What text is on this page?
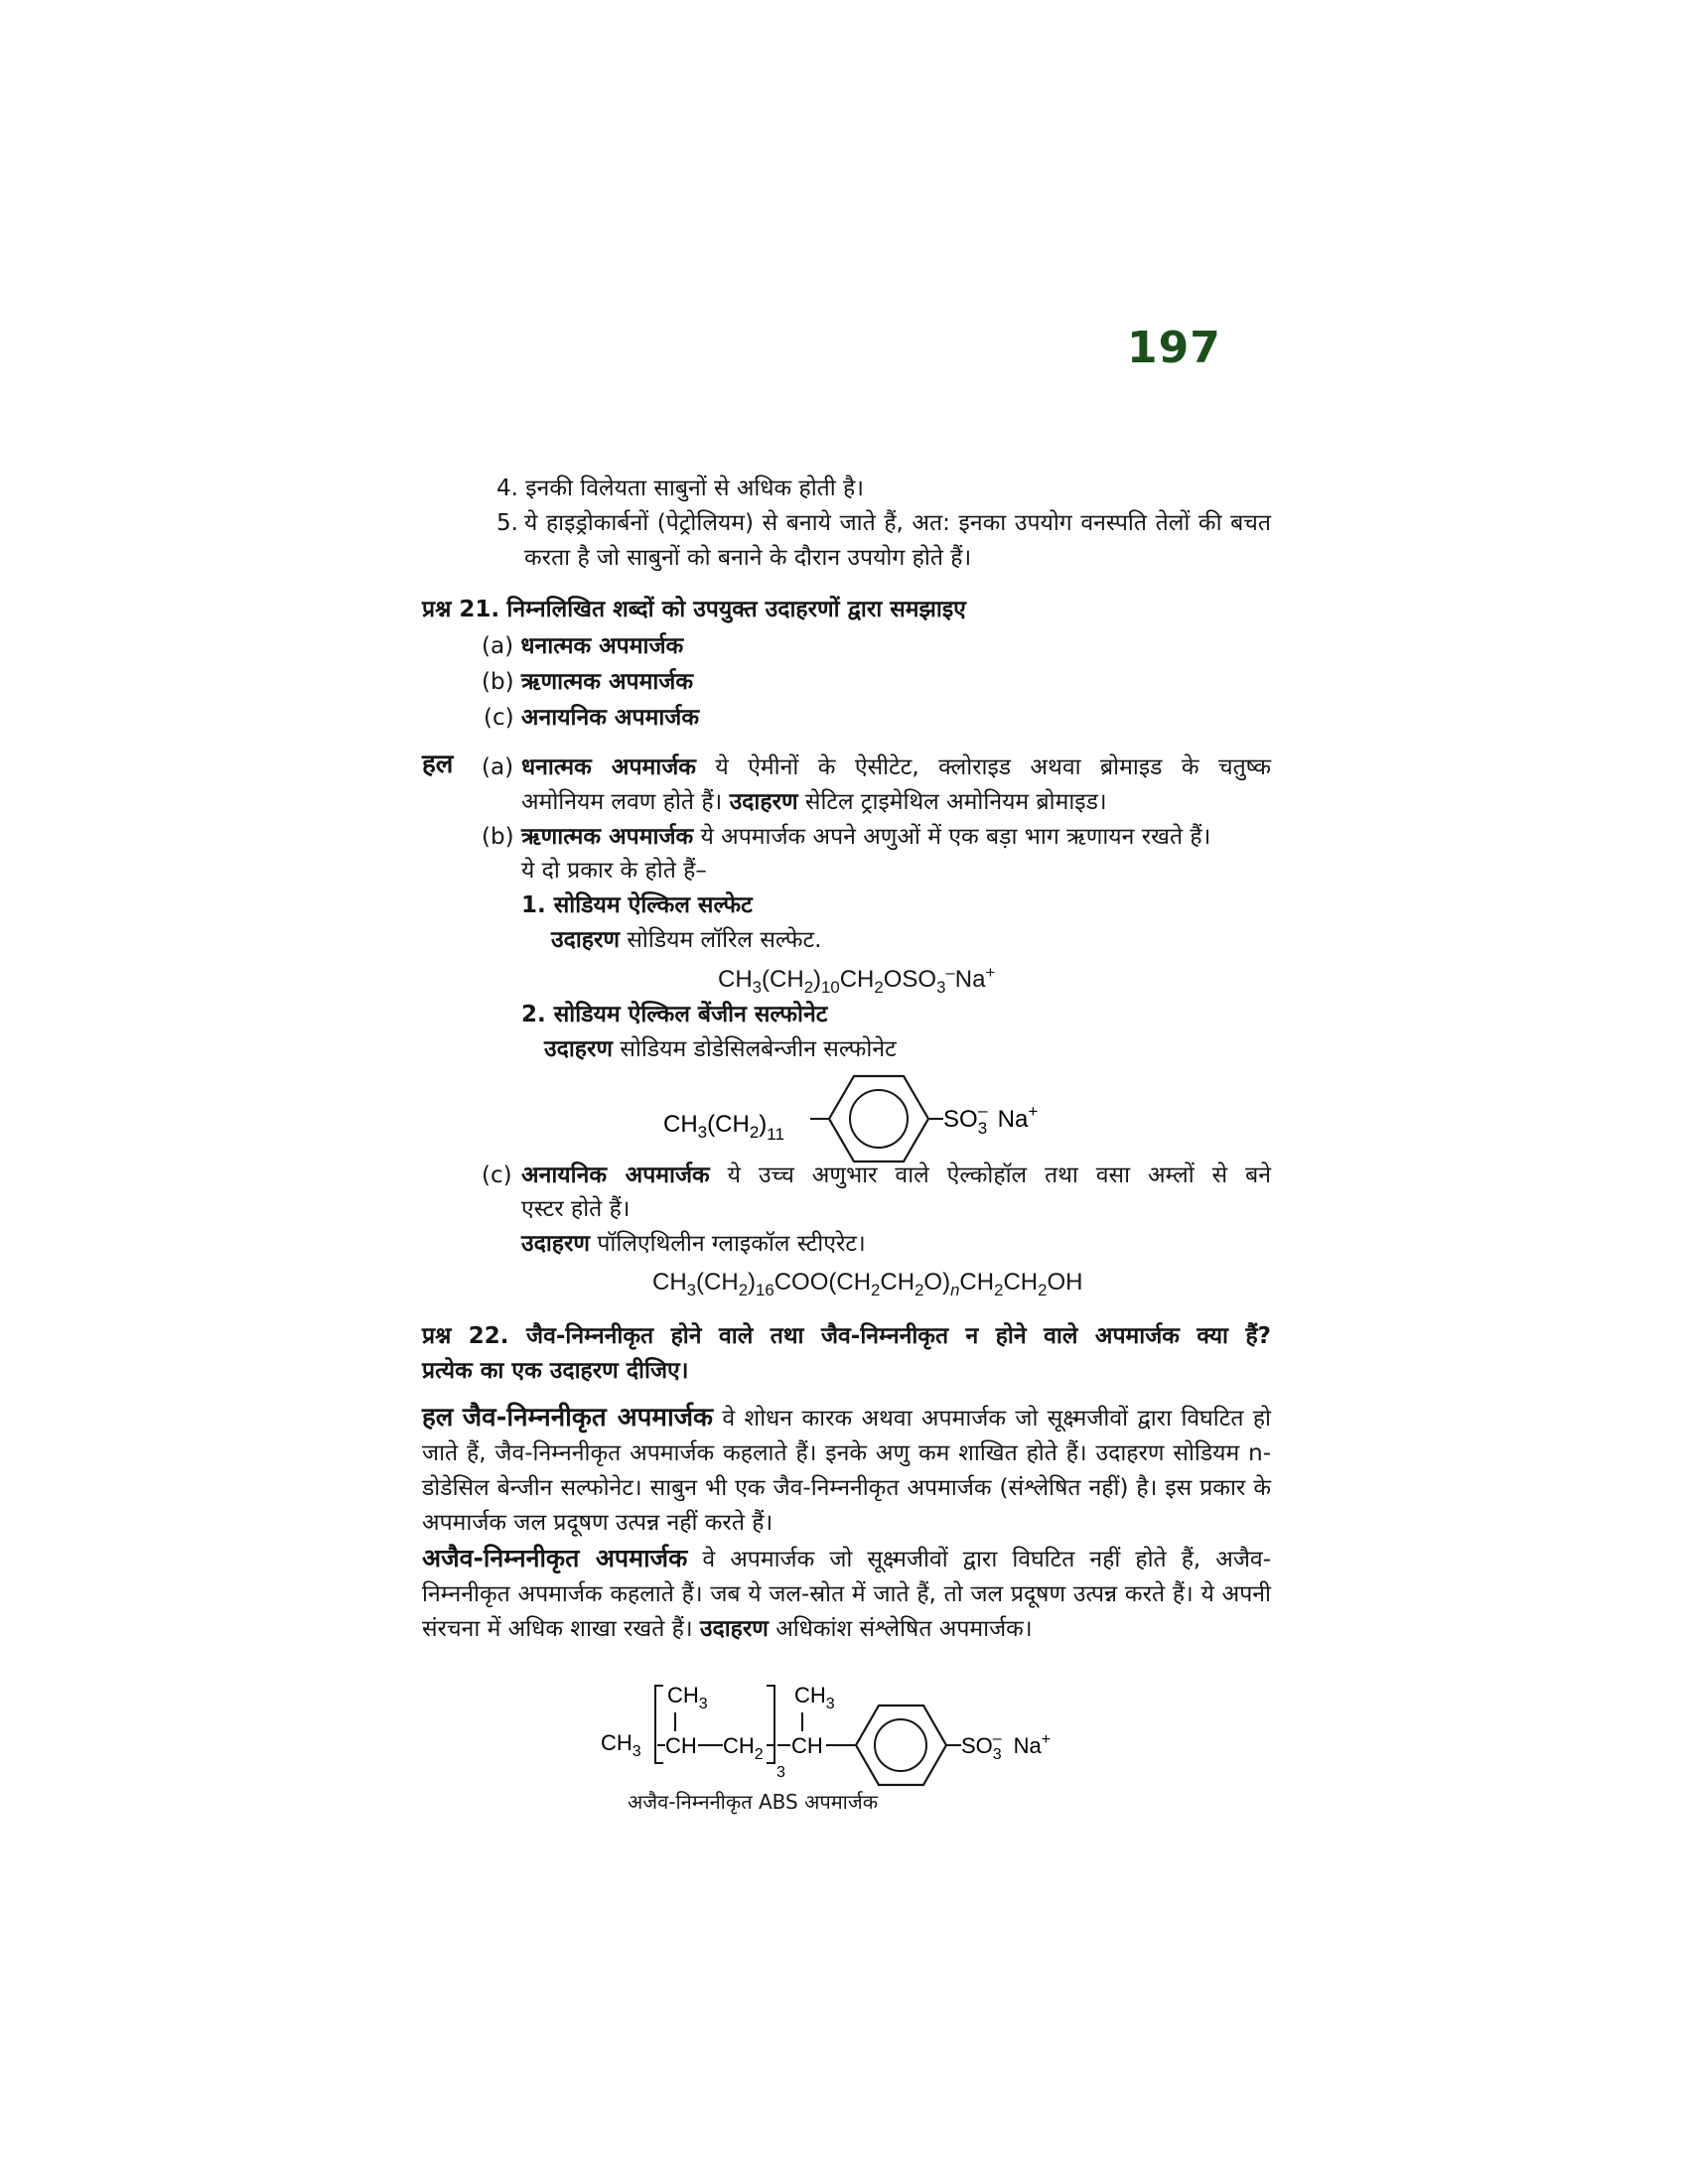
197
4. इनकी विलेयता साबुनों से अधिक होती है।
5. ये हाइड्रोकार्बनों (पेट्रोलियम) से बनाये जाते हैं, अत: इनका उपयोग वनस्पति तेलों की बचत करता है जो साबुनों को बनाने के दौरान उपयोग होते हैं।
प्रश्न 21. निम्नलिखित शब्दों को उपयुक्त उदाहरणों द्वारा समझाइए
(a) धनात्मक अपमार्जक
(b) ऋणात्मक अपमार्जक
(c) अनायनिक अपमार्जक
हल (a) धनात्मक अपमार्जक ये ऐमीनों के ऐसीटेट, क्लोराइड अथवा ब्रोमाइड के चतुष्क
अमोनियम लवण होते हैं। उदाहरण सेटिल ट्राइमेथिल अमोनियम ब्रोमाइड।
(b) ऋणात्मक अपमार्जक ये अपमार्जक अपने अणुओं में एक बड़ा भाग ऋणायन रखते हैं।
ये दो प्रकार के होते हैं–
1. सोडियम ऐल्किल सल्फेट
उदाहरण सोडियम लॉरिल सल्फेट.
$CH_3(CH_2)_{10}CH_2OSO_3^-Na^+$
2. सोडियम ऐल्किल बेंजीन सल्फोनेट
उदाहरण सोडियम डोडेसिलबेन्जीन सल्फोनेट
$CH_3(CH_2)_{11}$
$SO_3-$ Na+
(c) अनायनिक अपमार्जक ये उच्च अणुभार वाले ऐल्कोहॉल तथा वसा अम्लों से बने
एस्टर होते हैं।
उदाहरण पॉलिएथिलीन ग्लाइकॉल स्टीएरेट।
$CH_3(CH_2)_{16}COO(CH_2CH_2O)_nCH_2CH_2OH$
प्रश्न 22. जैव-निम्ननीकृत होने वाले तथा जैव-निम्ननीकृत न होने वाले अपमार्जक क्या हैं?
प्रत्येक का एक उदाहरण दीजिए।
हल जैव-निम्ननीकृत अपमार्जक वे शोधन कारक अथवा अपमार्जक जो सूक्ष्मजीवों द्वारा विघटित हो जाते हैं, जैव-निम्ननीकृत अपमार्जक कहलाते हैं। इनके अणु कम शाखित होते हैं। उदाहरण सोडियम n-डोडेसिल बेन्जीन सल्फोनेट। साबुन भी एक जैव-निम्ननीकृत अपमार्जक (संश्लेषित नहीं) है। इस प्रकार के अपमार्जक जल प्रदूषण उत्पन्न नहीं करते हैं।
अजैव-निम्ननीकृत अपमार्जक वे अपमार्जक जो सूक्ष्मजीवों द्वारा विघटित नहीं होते हैं, अजैव-निम्ननीकृत अपमार्जक कहलाते हैं। जब ये जल-स्रोत में जाते हैं, तो जल प्रदूषण उत्पन्न करते हैं। ये अपनी संरचना में अधिक शाखा रखते हैं। उदाहरण अधिकांश संश्लेषित अपमार्जक।
$CH_3$
$CH_3$
CH $CH_2$
3
$CH_3$
CH	$SO_3-$ Na+
अजैव-निम्ननीकृत ABS अपमार्जक
